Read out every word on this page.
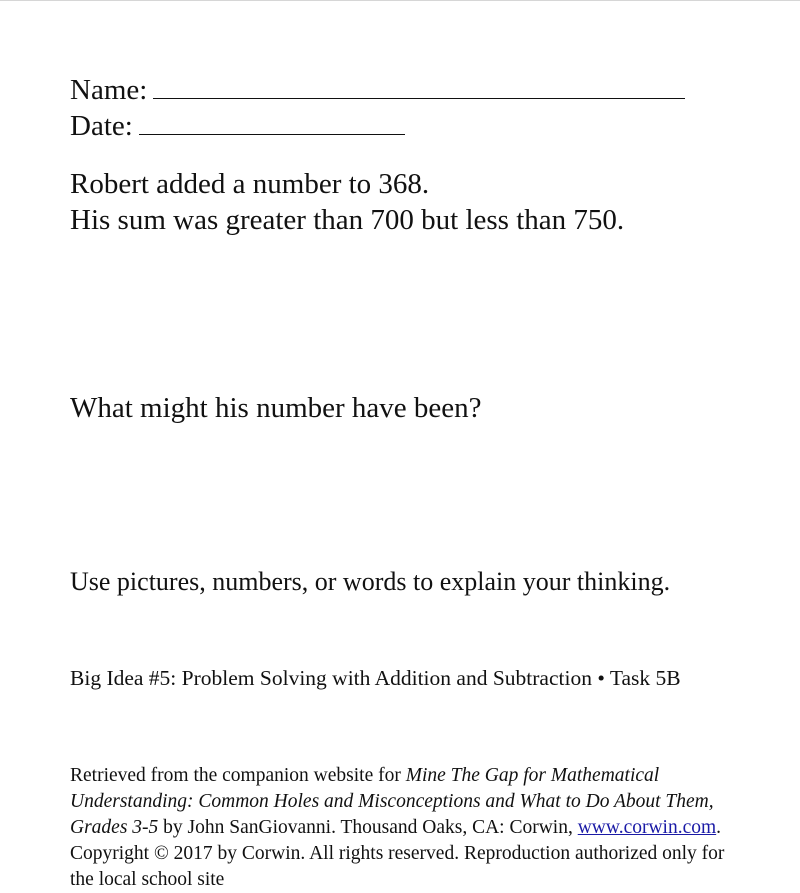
Name:
Date:
Robert added a number to 368.
His sum was greater than 700 but less than 750.
What might his number have been?
Use pictures, numbers, or words to explain your thinking.
Big Idea #5: Problem Solving with Addition and Subtraction • Task 5B
Retrieved from the companion website for Mine The Gap for Mathematical Understanding: Common Holes and Misconceptions and What to Do About Them, Grades 3-5 by John SanGiovanni. Thousand Oaks, CA: Corwin, www.corwin.com. Copyright © 2017 by Corwin. All rights reserved. Reproduction authorized only for the local school site
